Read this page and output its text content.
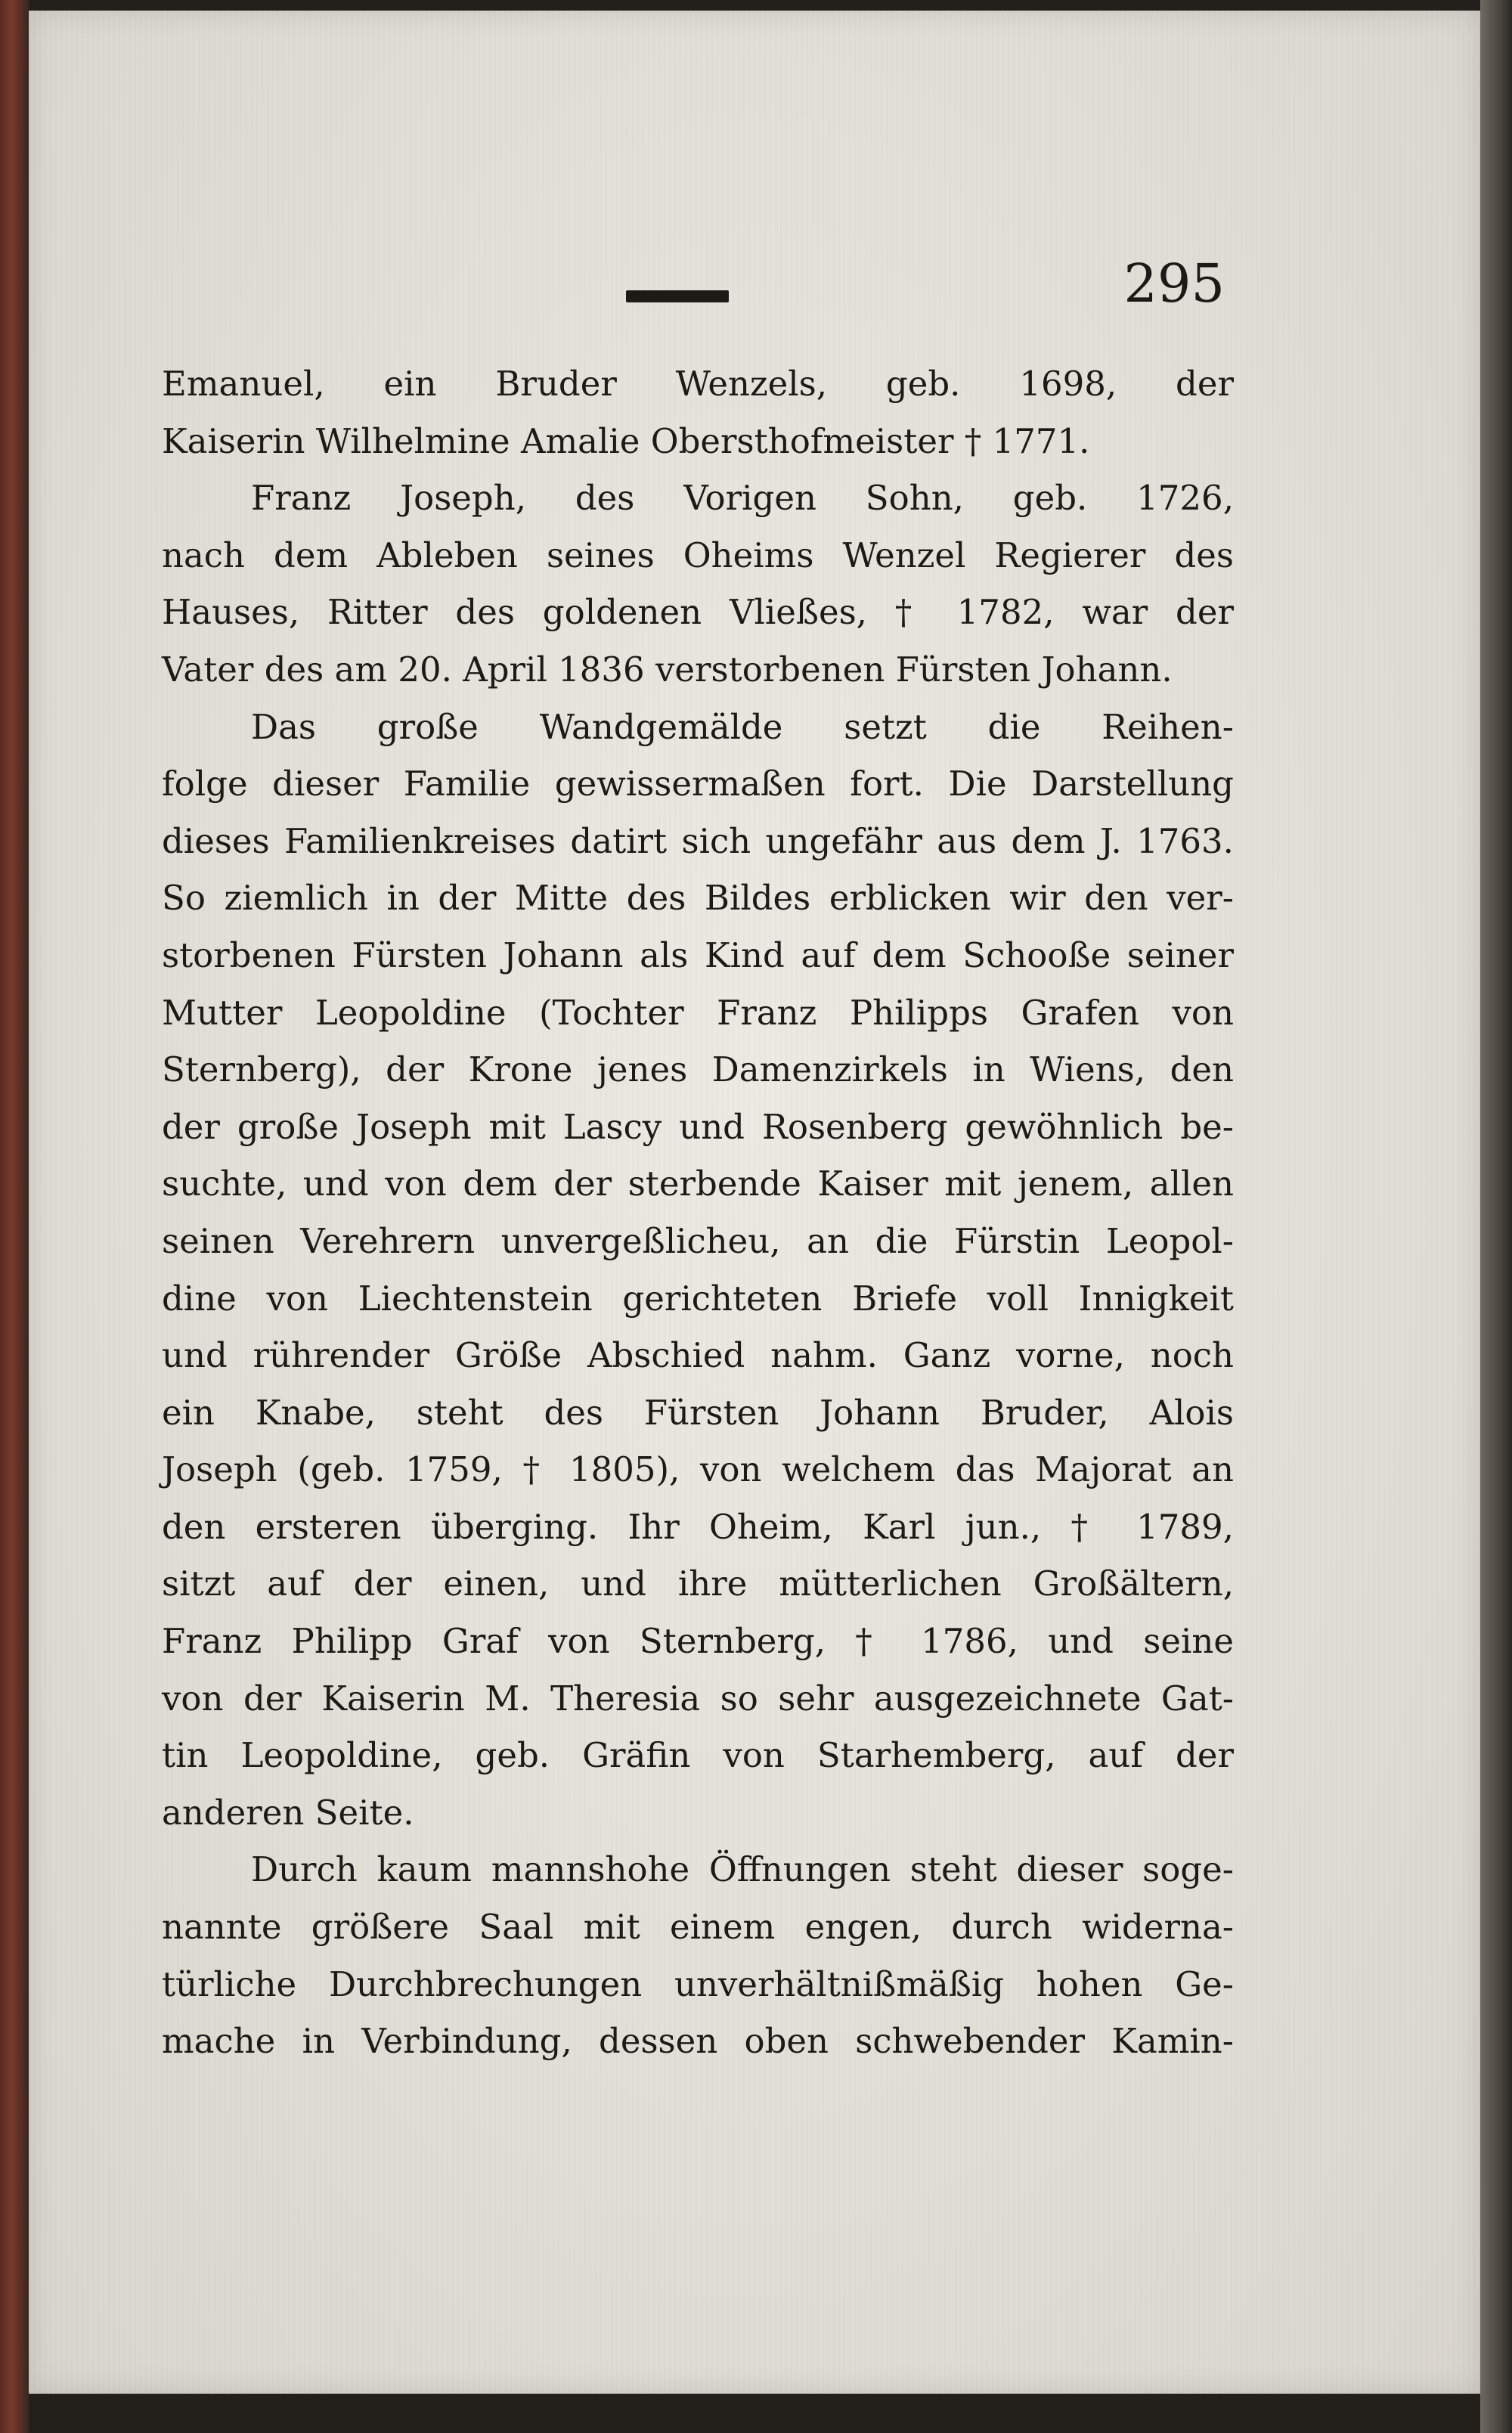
295
Emanuel, ein Bruder Wenzels, geb. 1698, der
Kaiserin Wilhelmine Amalie Obersthofmeister † 1771.
Franz Joseph, des Vorigen Sohn, geb. 1726,
nach dem Ableben seines Oheims Wenzel Regierer des
Hauses, Ritter des goldenen Vließes, † 1782, war der
Vater des am 20. April 1836 verstorbenen Fürsten Johann.
Das große Wandgemälde setzt die Reihen-
folge dieser Familie gewissermaßen fort. Die Darstellung
dieses Familienkreises datirt sich ungefähr aus dem J. 1763.
So ziemlich in der Mitte des Bildes erblicken wir den ver-
storbenen Fürsten Johann als Kind auf dem Schooße seiner
Mutter Leopoldine (Tochter Franz Philipps Grafen von
Sternberg), der Krone jenes Damenzirkels in Wiens, den
der große Joseph mit Lascy und Rosenberg gewöhnlich be-
suchte, und von dem der sterbende Kaiser mit jenem, allen
seinen Verehrern unvergeßlicheu, an die Fürstin Leopol-
dine von Liechtenstein gerichteten Briefe voll Innigkeit
und rührender Größe Abschied nahm. Ganz vorne, noch
ein Knabe, steht des Fürsten Johann Bruder, Alois
Joseph (geb. 1759, † 1805), von welchem das Majorat an
den ersteren überging. Ihr Oheim, Karl jun., † 1789,
sitzt auf der einen, und ihre mütterlichen Großältern,
Franz Philipp Graf von Sternberg, † 1786, und seine
von der Kaiserin M. Theresia so sehr ausgezeichnete Gat-
tin Leopoldine, geb. Gräfin von Starhemberg, auf der
anderen Seite.
Durch kaum mannshohe Öffnungen steht dieser soge-
nannte größere Saal mit einem engen, durch widerna-
türliche Durchbrechungen unverhältnißmäßig hohen Ge-
mache in Verbindung, dessen oben schwebender Kamin-
